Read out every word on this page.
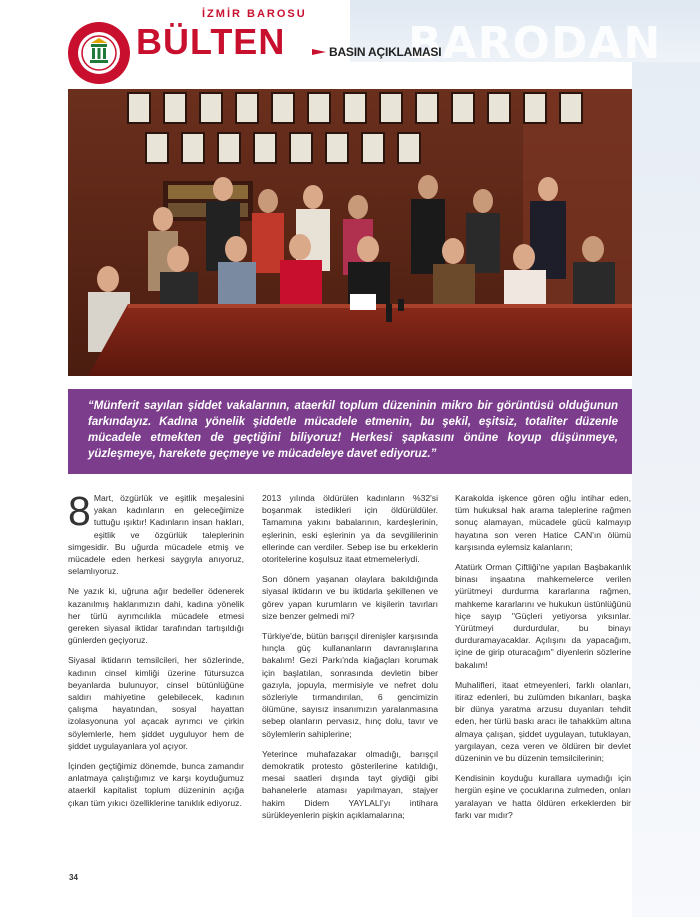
BARODAN
İZMİR BAROSU
BÜLTEN	BASIN AÇIKLAMASI

“Münferit sayılan şiddet vakalarının, ataerkil toplum düzeninin mikro bir görüntüsü olduğunun farkındayız. Kadına yönelik şiddetle mücadele etmenin, bu şekil, eşitsiz, totaliter düzenle mücadele etmekten de geçtiğini biliyoruz! Herkesi şapkasını önüne koyup düşünmeye, yüzleşmeye, harekete geçmeye ve mücadeleye davet ediyoruz.”

8 Mart, özgürlük ve eşitlik meşalesini yakan kadınların en geleceğimize tuttuğu ışıktır! Kadınların insan hakları, eşitlik ve özgürlük taleplerinin simgesidir. Bu uğurda mücadele etmiş ve mücadele eden herkesi saygıyla anıyoruz, selamlıyoruz.

Ne yazık ki, uğruna ağır bedeller ödenerek kazanılmış haklarımızın dahi, kadına yönelik her türlü ayrımcılıkla mücadele etmesi gereken siyasal iktidar tarafından tartışıldığı günlerden geçiyoruz.

Siyasal iktidarın temsilcileri, her sözlerinde, kadının cinsel kimliği üzerine fütursuzca beyanlarda bulunuyor, cinsel bütünlüğüne saldırı mahiyetine gelebilecek, kadının çalışma hayatından, sosyal hayattan izolasyonuna yol açacak ayrımcı ve çirkin söylemlerle, hem şiddet uyguluyor hem de şiddet uygulayanlara yol açıyor.

İçinden geçtiğimiz dönemde, bunca zamandır anlatmaya çalıştığımız ve karşı koyduğumuz ataerkil kapitalist toplum düzeninin açığa çıkan tüm yıkıcı özelliklerine tanıklık ediyoruz.

2013 yılında öldürülen kadınların %32'si boşanmak istedikleri için öldürüldüler. Tamamına yakını babalarının, kardeşlerinin, eşlerinin, eski eşlerinin ya da sevgililerinin ellerinde can verdiler. Sebep ise bu erkeklerin otoritelerine koşulsuz itaat etmemeleriydi.

Son dönem yaşanan olaylara bakıldığında siyasal iktidarın ve bu iktidarla şekillenen ve görev yapan kurumların ve kişilerin tavırları size benzer gelmedi mi?

Türkiye'de, bütün barışçıl direnişler karşısında hınçla güç kullananların davranışlarına bakalım! Gezi Parkı'nda kiağaçları korumak için başlatılan, sonrasında devletin biber gazıyla, jopuyla, mermisiyle ve nefret dolu sözleriyle tırmandırılan, 6 gencimizin ölümüne, sayısız insanımızın yaralanmasına sebep olanların pervasız, hınç dolu, tavır ve söylemlerin sahiplerine;

Yeterince muhafazakar olmadığı, barışçıl demokratik protesto gösterilerine katıldığı, mesai saatleri dışında tayt giydiği gibi bahanelerle ataması yapılmayan, stajyer hakim Didem YAYLALI'yı intihara sürükleyenlerin pişkin açıklamalarına;

Karakolda işkence gören oğlu intihar eden, tüm hukuksal hak arama taleplerine rağmen sonuç alamayan, mücadele gücü kalmayıp hayatına son veren Hatice CAN'ın ölümü karşısında eylemsiz kalanların;

Atatürk Orman Çiftliği'ne yapılan Başbakanlık binası inşaatına mahkemelerce verilen yürütmeyi durdurma kararlarına rağmen, mahkeme kararlarını ve hukukun üstünlüğünü hiçe sayıp "Güçleri yetiyorsa yıksınlar. Yürütmeyi durdurdular, bu binayı durduramayacaklar. Açılışını da yapacağım, içine de girip oturacağım" diyenlerin sözlerine bakalım!

Muhalifleri, itaat etmeyenleri, farklı olanları, itiraz edenleri, bu zulümden bıkanları, başka bir dünya yaratma arzusu duyanları tehdit eden, her türlü baskı aracı ile tahakküm altına almaya çalışan, şiddet uygulayan, tutuklayan, yargılayan, ceza veren ve öldüren bir devlet düzeninin ve bu düzenin temsilcilerinin;

Kendisinin koyduğu kurallara uymadığı için hergün eşine ve çocuklarına zulmeden, onları yaralayan ve hatta öldüren erkeklerden bir farkı var mıdır?

34
